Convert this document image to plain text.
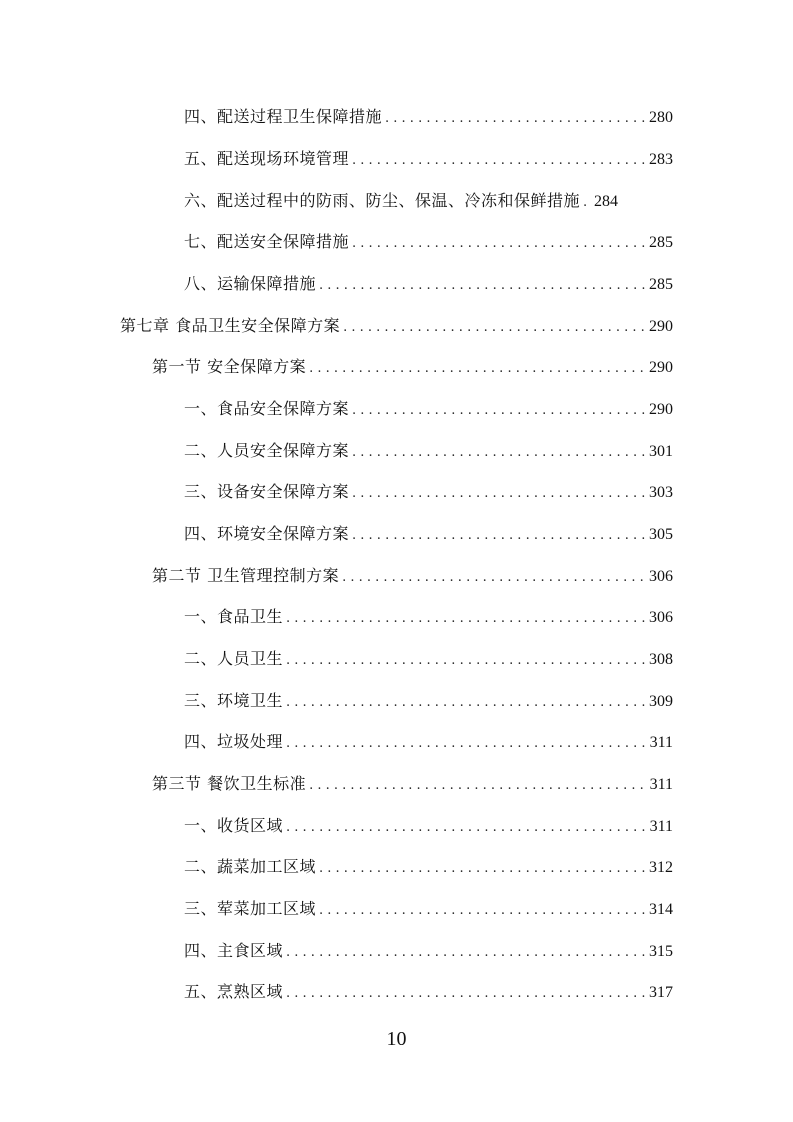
四、配送过程卫生保障措施 . . .	280
五、配送现场环境管理 . . .	283
六、配送过程中的防雨、防尘、保温、冷冻和保鲜措施 . . . 284
七、配送安全保障措施 . . .	285
八、运输保障措施 . . .	285
第七章 食品卫生安全保障方案 . . .	290
第一节 安全保障方案 . . .	290
一、食品安全保障方案 . . .	290
二、人员安全保障方案 . . .	301
三、设备安全保障方案 . . .	303
四、环境安全保障方案 . . .	305
第二节 卫生管理控制方案 . . .	306
一、食品卫生 . . .	306
二、人员卫生 . . .	308
三、环境卫生 . . .	309
四、垃圾处理 . . .	311
第三节 餐饮卫生标准 . . .	311
一、收货区域 . . .	311
二、蔬菜加工区域 . . .	312
三、荤菜加工区域 . . .	314
四、主食区域 . . .	315
五、烹熟区域 . . .	317
10
